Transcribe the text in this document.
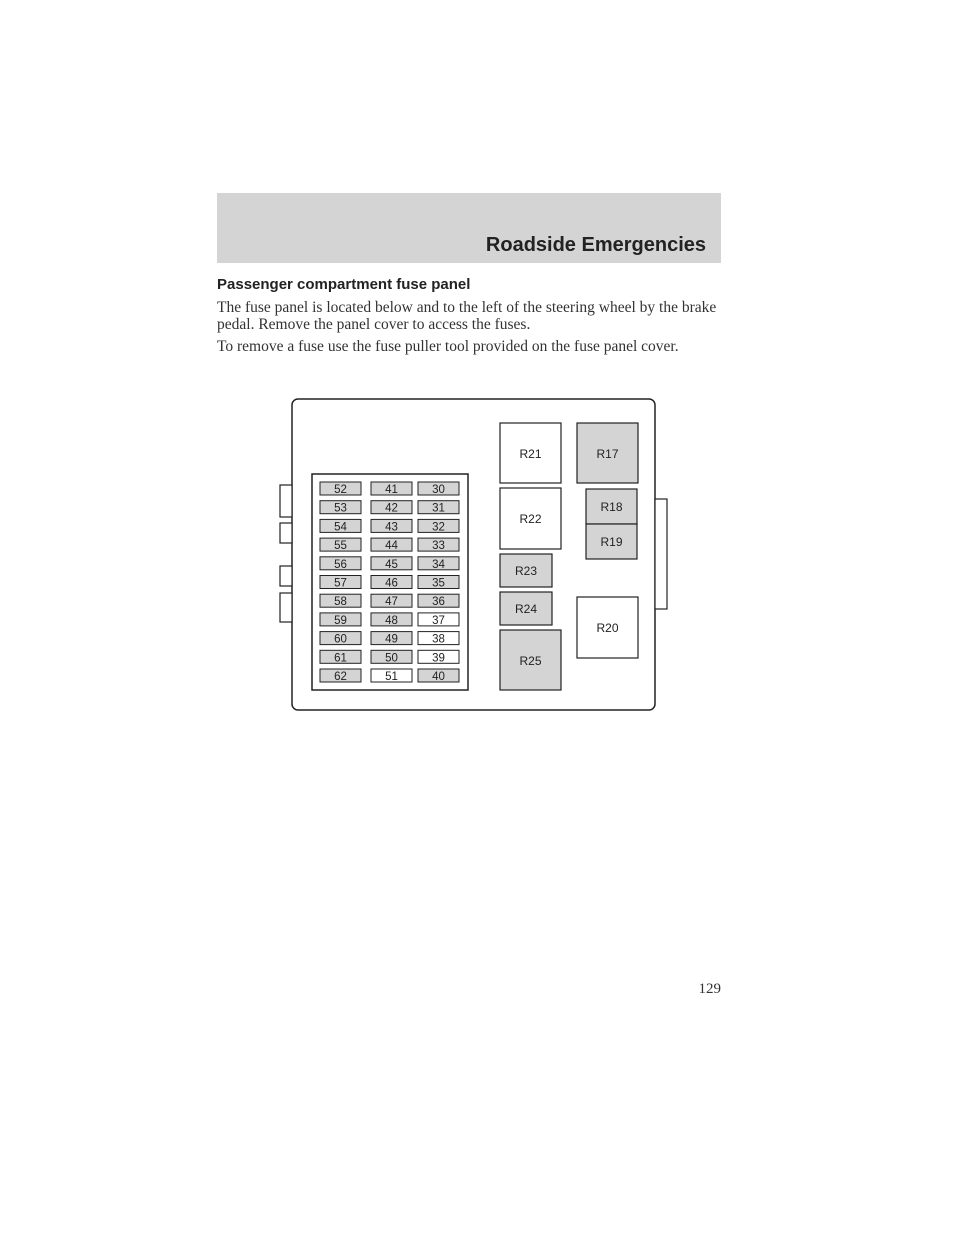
Roadside Emergencies
Passenger compartment fuse panel
The fuse panel is located below and to the left of the steering wheel by the brake pedal. Remove the panel cover to access the fuses.
To remove a fuse use the fuse puller tool provided on the fuse panel cover.
52
53
54
55
56
57
58
59
60
61
62
41
42
43
44
45
46
47
48
49
50
51
30
31
32
33
34
35
36
37
38
39
40
R21	R17
R22
R18
R19
R23
R24
R20
R25
129
